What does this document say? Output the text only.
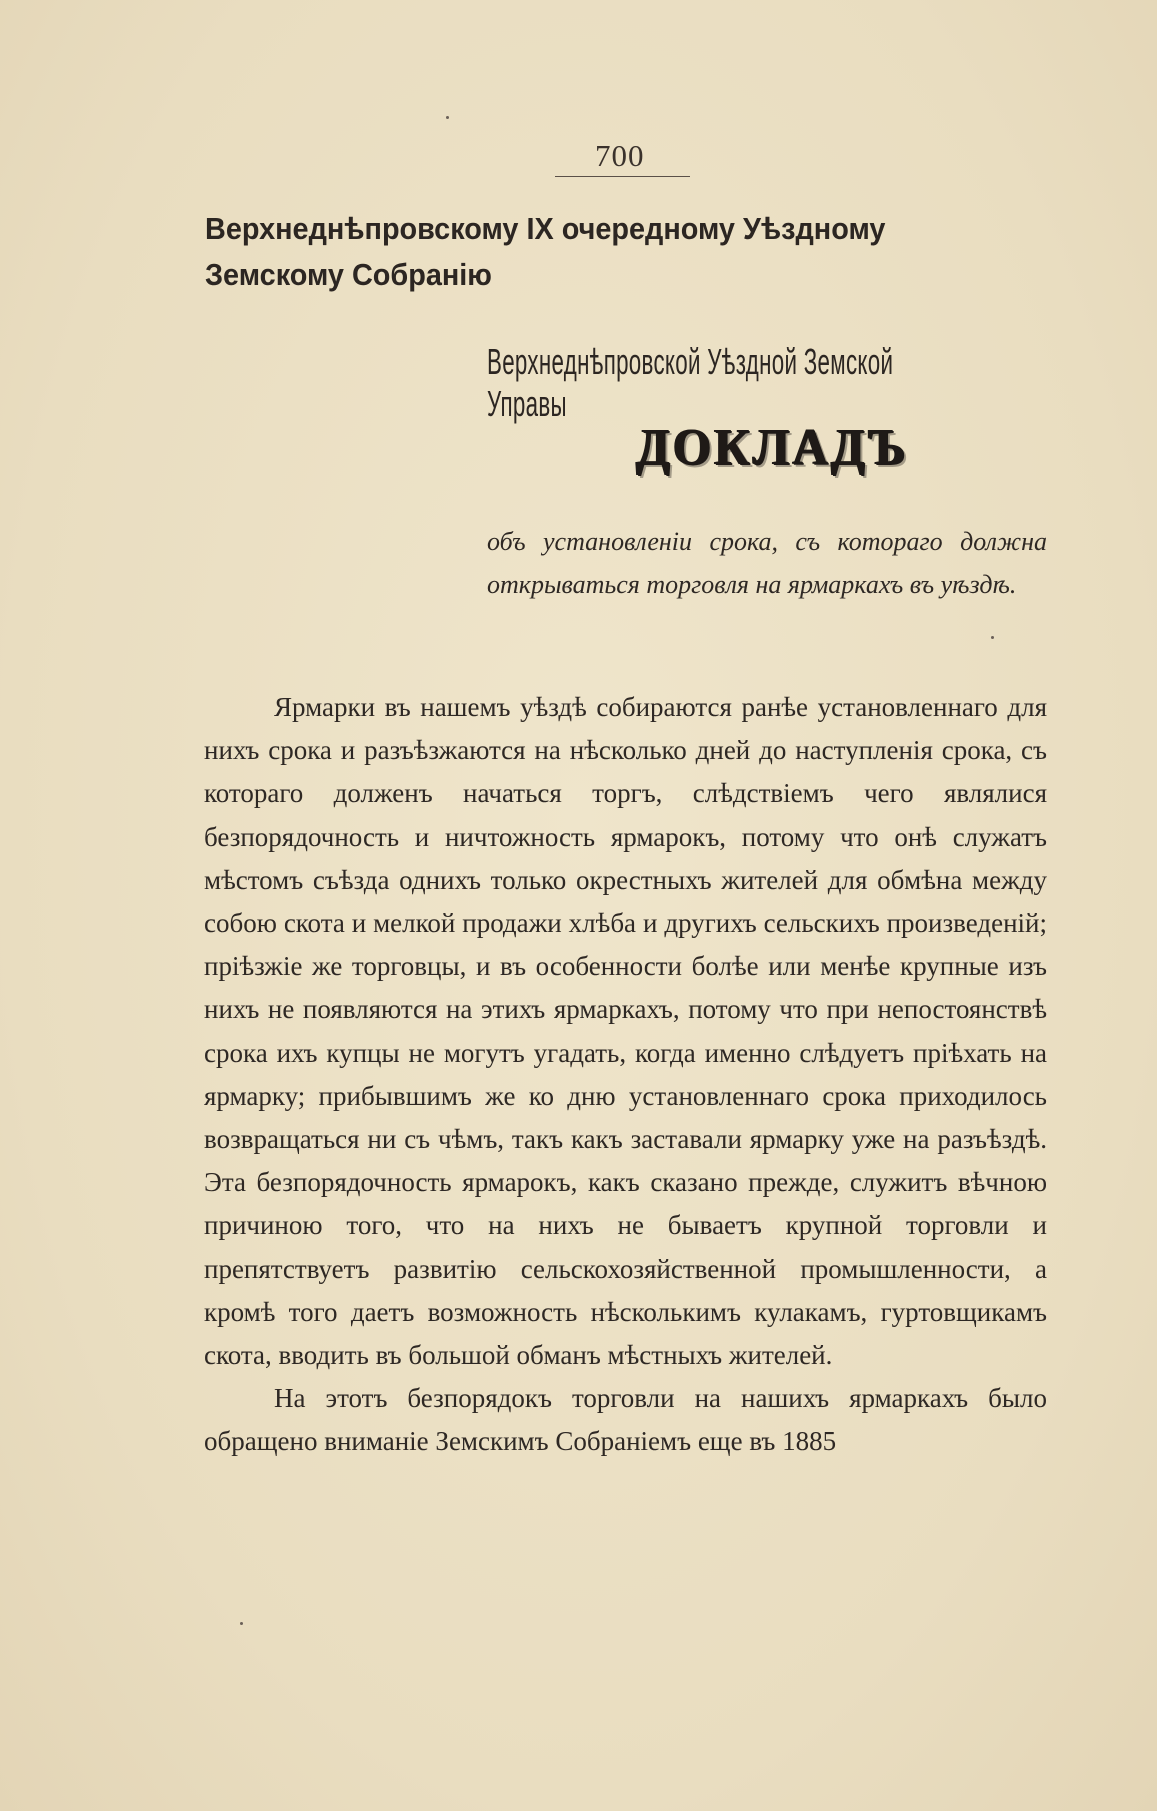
700
Верхнеднѣпровскому IX очередному Уѣздному Земскому Собранію
Верхнеднѣпровской Уѣздной Земской Управы
ДОКЛАДЪ
объ установленіи срока, съ котораго должна открываться торговля на ярмаркахъ въ уѣздѣ.

Ярмарки въ нашемъ уѣздѣ собираются ранѣе установленнаго для нихъ срока и разъѣзжаются на нѣсколько дней до наступленія срока, съ котораго долженъ начаться торгъ, слѣдствіемъ чего являлися безпорядочность и ничтожность ярмарокъ, потому что онѣ служатъ мѣстомъ съѣзда однихъ только окрестныхъ жителей для обмѣна между собою скота и мелкой продажи хлѣба и другихъ сельскихъ произведеній; пріѣзжіе же торговцы, и въ особенности болѣе или менѣе крупные изъ нихъ не появляются на этихъ ярмаркахъ, потому что при непостоянствѣ срока ихъ купцы не могутъ угадать, когда именно слѣдуетъ пріѣхать на ярмарку; прибывшимъ же ко дню установленнаго срока приходилось возвращаться ни съ чѣмъ, такъ какъ заставали ярмарку уже на разъѣздѣ. Эта безпорядочность ярмарокъ, какъ сказано прежде, служитъ вѣчною причиною того, что на нихъ не бываетъ крупной торговли и препятствуетъ развитію сельскохозяйственной промышленности, а кромѣ того даетъ возможность нѣсколькимъ кулакамъ, гуртовщикамъ скота, вводить въ большой обманъ мѣстныхъ жителей.

На этотъ безпорядокъ торговли на нашихъ ярмаркахъ было обращено вниманіе Земскимъ Собраніемъ еще въ 1885
